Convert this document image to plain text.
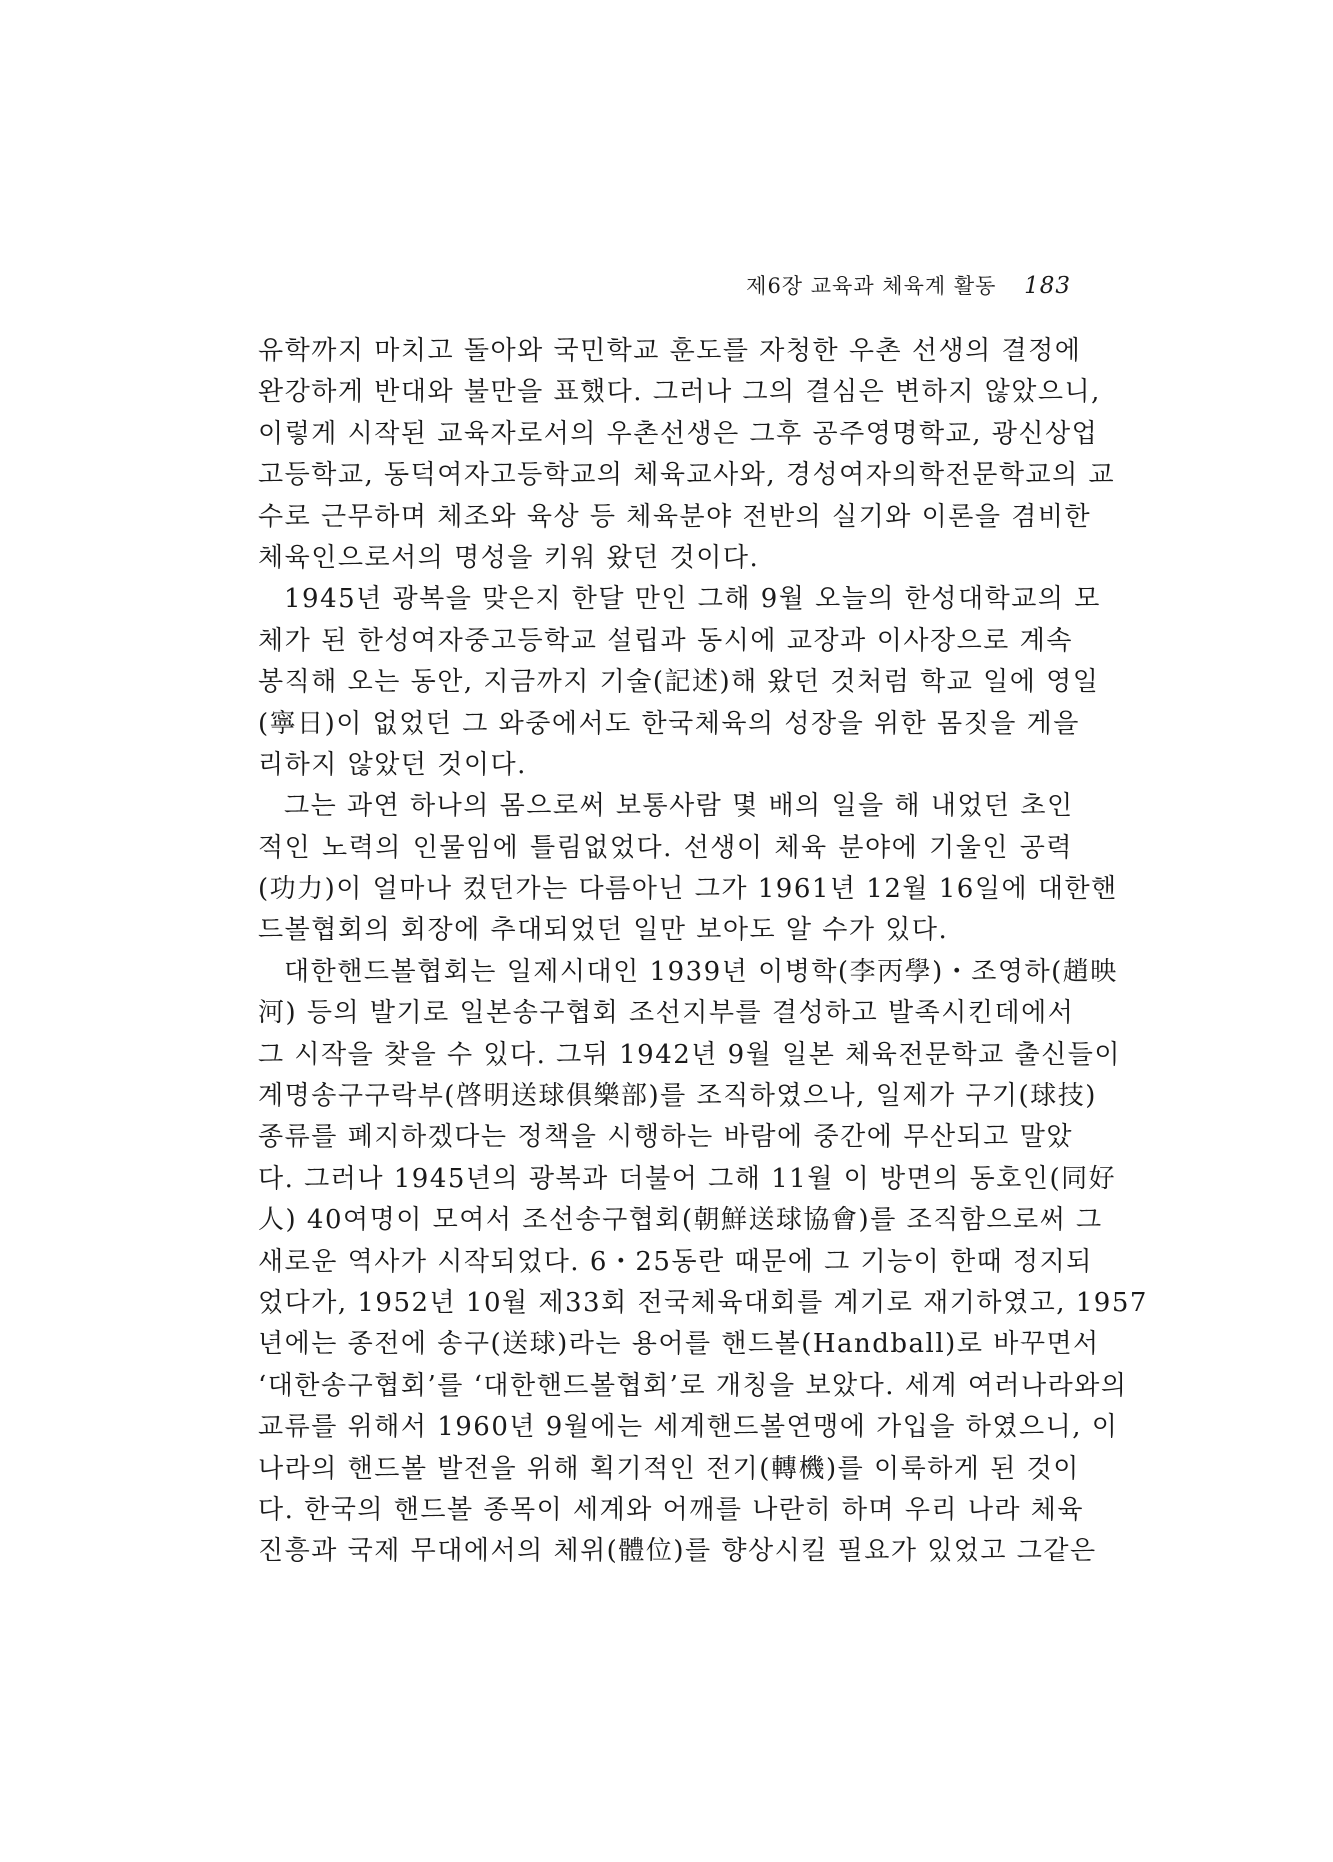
제6장 교육과 체육계 활동 183
유학까지 마치고 돌아와 국민학교 훈도를 자청한 우촌 선생의 결정에
완강하게 반대와 불만을 표했다. 그러나 그의 결심은 변하지 않았으니,
이렇게 시작된 교육자로서의 우촌선생은 그후 공주영명학교, 광신상업
고등학교, 동덕여자고등학교의 체육교사와, 경성여자의학전문학교의 교
수로 근무하며 체조와 육상 등 체육분야 전반의 실기와 이론을 겸비한
체육인으로서의 명성을 키워 왔던 것이다.
1945년 광복을 맞은지 한달 만인 그해 9월 오늘의 한성대학교의 모
체가 된 한성여자중고등학교 설립과 동시에 교장과 이사장으로 계속
봉직해 오는 동안, 지금까지 기술(記述)해 왔던 것처럼 학교 일에 영일
(寧日)이 없었던 그 와중에서도 한국체육의 성장을 위한 몸짓을 게을
리하지 않았던 것이다.
그는 과연 하나의 몸으로써 보통사람 몇 배의 일을 해 내었던 초인
적인 노력의 인물임에 틀림없었다. 선생이 체육 분야에 기울인 공력
(功力)이 얼마나 컸던가는 다름아닌 그가 1961년 12월 16일에 대한핸
드볼협회의 회장에 추대되었던 일만 보아도 알 수가 있다.
대한핸드볼협회는 일제시대인 1939년 이병학(李丙學)・조영하(趙映
河) 등의 발기로 일본송구협회 조선지부를 결성하고 발족시킨데에서
그 시작을 찾을 수 있다. 그뒤 1942년 9월 일본 체육전문학교 출신들이
계명송구구락부(啓明送球俱樂部)를 조직하였으나, 일제가 구기(球技)
종류를 폐지하겠다는 정책을 시행하는 바람에 중간에 무산되고 말았
다. 그러나 1945년의 광복과 더불어 그해 11월 이 방면의 동호인(同好
人) 40여명이 모여서 조선송구협회(朝鮮送球協會)를 조직함으로써 그
새로운 역사가 시작되었다. 6・25동란 때문에 그 기능이 한때 정지되
었다가, 1952년 10월 제33회 전국체육대회를 계기로 재기하였고, 1957
년에는 종전에 송구(送球)라는 용어를 핸드볼(Handball)로 바꾸면서
‘대한송구협회’를 ‘대한핸드볼협회’로 개칭을 보았다. 세계 여러나라와의
교류를 위해서 1960년 9월에는 세계핸드볼연맹에 가입을 하였으니, 이
나라의 핸드볼 발전을 위해 획기적인 전기(轉機)를 이룩하게 된 것이
다. 한국의 핸드볼 종목이 세계와 어깨를 나란히 하며 우리 나라 체육
진흥과 국제 무대에서의 체위(體位)를 향상시킬 필요가 있었고 그같은
